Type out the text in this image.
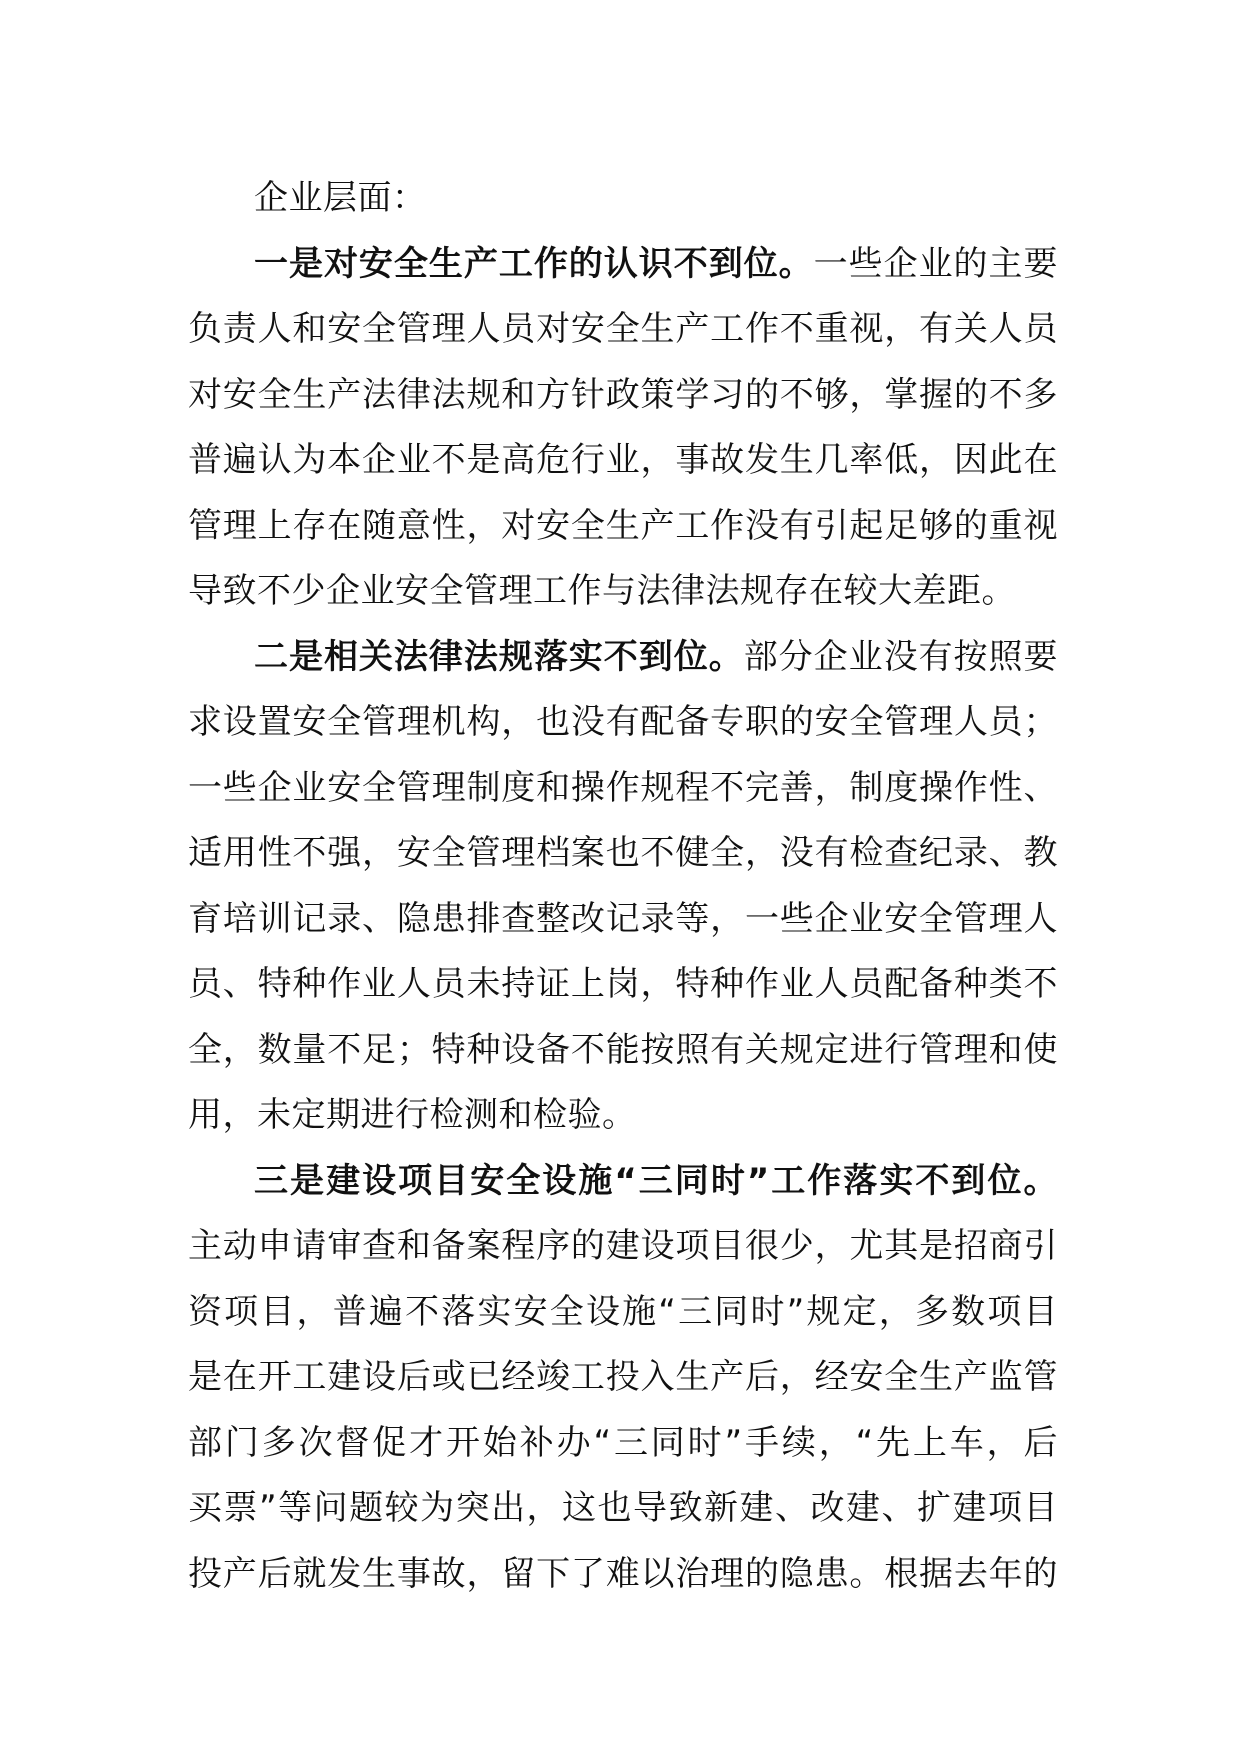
企业层面：
一是对安全生产工作的认识不到位。一些企业的主要
负责人和安全管理人员对安全生产工作不重视，有关人员
对安全生产法律法规和方针政策学习的不够，掌握的不多
普遍认为本企业不是高危行业，事故发生几率低，因此在
管理上存在随意性，对安全生产工作没有引起足够的重视
导致不少企业安全管理工作与法律法规存在较大差距。
二是相关法律法规落实不到位。部分企业没有按照要
求设置安全管理机构，也没有配备专职的安全管理人员；
一些企业安全管理制度和操作规程不完善，制度操作性、
适用性不强，安全管理档案也不健全，没有检查纪录、教
育培训记录、隐患排查整改记录等，一些企业安全管理人
员、特种作业人员未持证上岗，特种作业人员配备种类不
全，数量不足；特种设备不能按照有关规定进行管理和使
用，未定期进行检测和检验。
三是建设项目安全设施“三同时”工作落实不到位。
主动申请审查和备案程序的建设项目很少，尤其是招商引
资项目，普遍不落实安全设施“三同时”规定，多数项目
是在开工建设后或已经竣工投入生产后，经安全生产监管
部门多次督促才开始补办“三同时”手续，“先上车，后
买票”等问题较为突出，这也导致新建、改建、扩建项目
投产后就发生事故，留下了难以治理的隐患。根据去年的
